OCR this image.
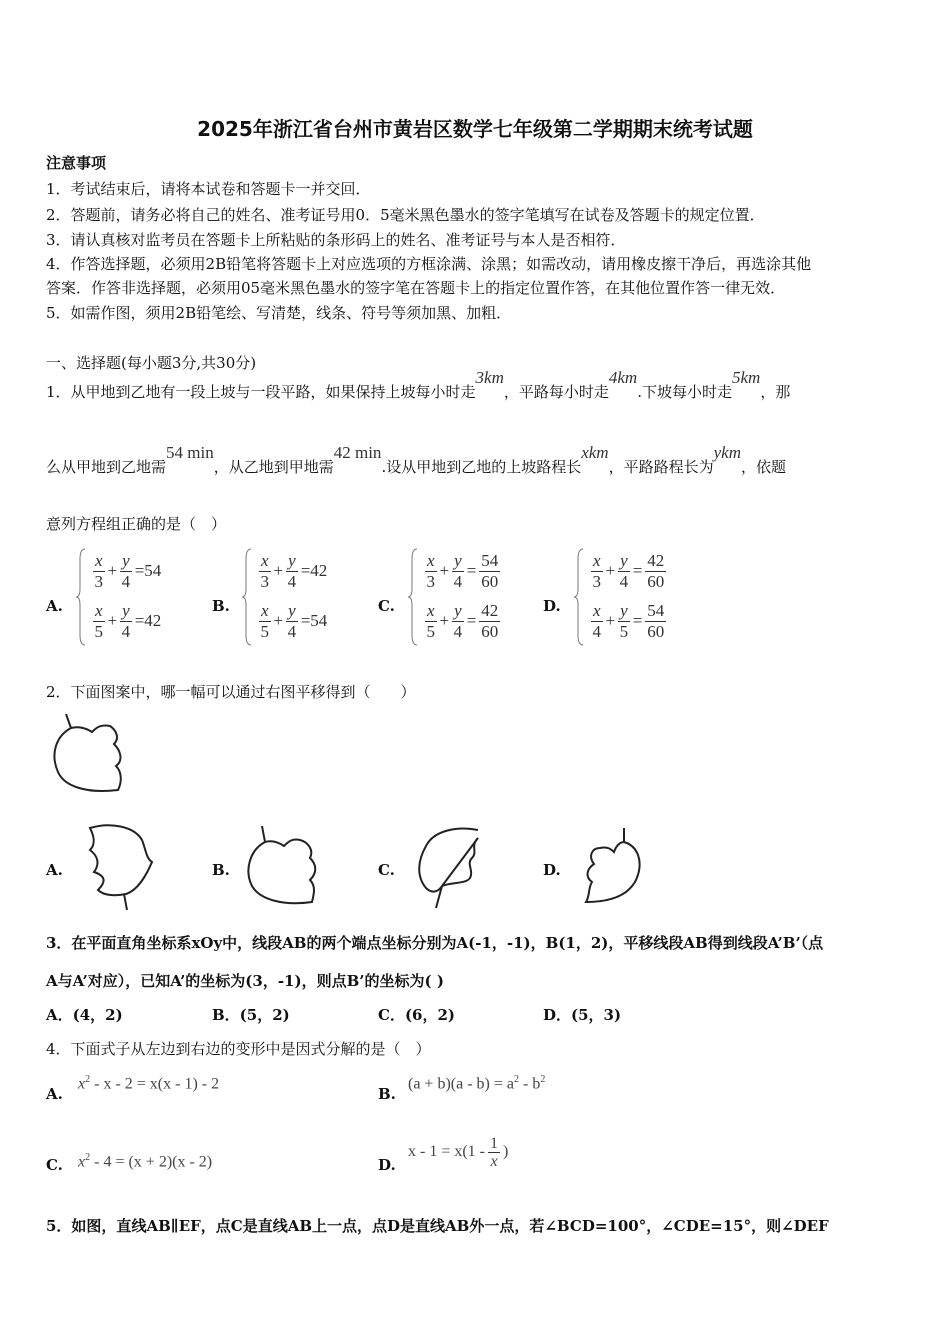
2025年浙江省台州市黄岩区数学七年级第二学期期末统考试题
注意事项
1．考试结束后，请将本试卷和答题卡一并交回．
2．答题前，请务必将自己的姓名、准考证号用0．5毫米黑色墨水的签字笔填写在试卷及答题卡的规定位置．
3．请认真核对监考员在答题卡上所粘贴的条形码上的姓名、准考证号与本人是否相符．
4．作答选择题，必须用2B铅笔将答题卡上对应选项的方框涂满、涂黑；如需改动，请用橡皮擦干净后，再选涂其他
答案．作答非选择题，必须用05毫米黑色墨水的签字笔在答题卡上的指定位置作答，在其他位置作答一律无效．
5．如需作图，须用2B铅笔绘、写清楚，线条、符号等须加黑、加粗．
一、选择题(每小题3分,共30分)
1．从甲地到乙地有一段上坡与一段平路，如果保持上坡每小时走3km，平路每小时走4km.下坡每小时走5km，那
么从甲地到乙地需54 min，从乙地到甲地需42 min.设从甲地到乙地的上坡路程长xkm，平路路程长为ykm，依题
意列方程组正确的是（　）
A.
$\frac{x}{3} + \frac{y}{4} =54$
$\frac{x}{5} + \frac{y}{4} =42$
B.
$\frac{x}{3} + \frac{y}{4} =42$
$\frac{x}{5} + \frac{y}{4} =54$
C.
$\frac{x}{3} + \frac{y}{4} = \frac{54}{60}$
$\frac{x}{5} + \frac{y}{4} = \frac{42}{60}$	D.
$\frac{x}{3} + \frac{y}{4} = \frac{42}{60}$
$\frac{x}{4} + \frac{y}{5} = \frac{54}{60}$
2．下面图案中，哪一幅可以通过右图平移得到（　　）
A.	B.	C.	D.
3．在平面直角坐标系xOy中，线段AB的两个端点坐标分别为A(-1，-1)，B(1，2)，平移线段AB得到线段A’B’（点
A与A’对应），已知A’的坐标为(3，-1)，则点B’的坐标为( )
A．(4，2)	B．(5，2)	C．(6，2)	D．(5，3)
4．下面式子从左边到右边的变形中是因式分解的是（　）
A.
$x^2 - x - 2 = x(x - 1) - 2$
B.
$(a + b)(a - b) = a^2 - b^2$
C. $x^2 - 4 = (x + 2)(x - 2)$	D.
$x - 1 = x(1 - \frac{1}{x}$ )
5．如图，直线AB∥EF，点C是直线AB上一点，点D是直线AB外一点，若∠BCD=100°，∠CDE=15°，则∠DEF
